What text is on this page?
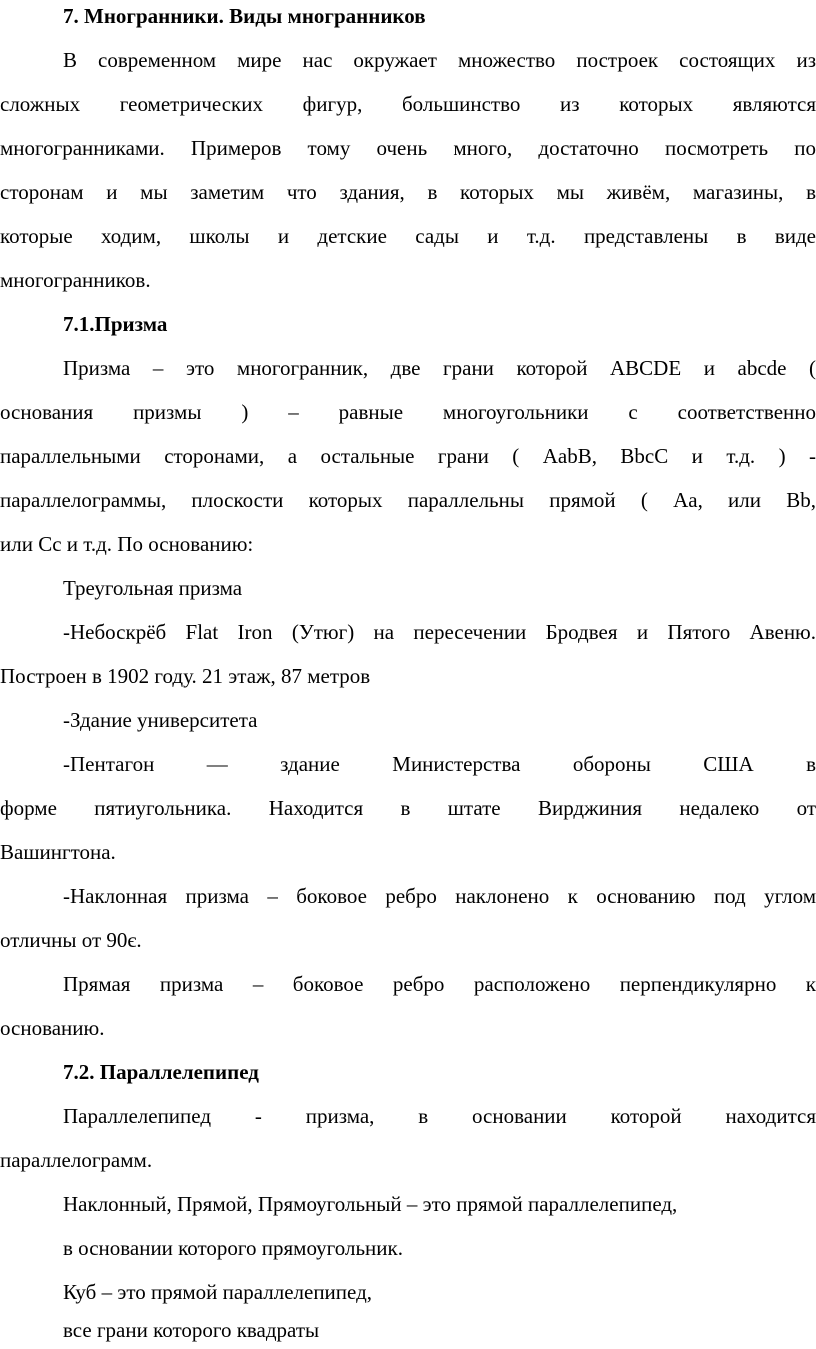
7. Многранники. Виды многранников
В современном мире нас окружает множество построек состоящих из
сложных геометрических фигур, большинство из которых являются
многогранниками. Примеров тому очень много, достаточно посмотреть по
сторонам и мы заметим что здания, в которых мы живём, магазины, в
которые ходим, школы и детские сады и т.д. представлены в виде
многогранников.
7.1.Призма
Призма – это многогранник, две грани которой ABCDE и abcde (
основания призмы ) – равные многоугольники с соответственно
параллельными сторонами, а остальные грани ( AabB, BbcC и т.д. ) -
параллелограммы, плоскости которых параллельны прямой ( Aa, или Bb,
или Cc и т.д. По основанию:
Треугольная призма
-Небоскрёб Flat Iron (Утюг) на пересечении Бродвея и Пятого Авеню.
Построен в 1902 году. 21 этаж, 87 метров
-Здание университета
-Пентагон — здание Министерства обороны США в
форме пятиугольника. Находится в штате Вирджиния недалеко от
Вашингтона.
-Наклонная призма – боковое ребро наклонено к основанию под углом
отличны от 90є.
Прямая призма – боковое ребро расположено перпендикулярно к
основанию.
7.2. Параллелепипед
Параллелепипед - призма, в основании которой находится
параллелограмм.
Наклонный, Прямой, Прямоугольный – это прямой параллелепипед,
в основании которого прямоугольник.
Куб – это прямой параллелепипед,
все грани которого квадраты
